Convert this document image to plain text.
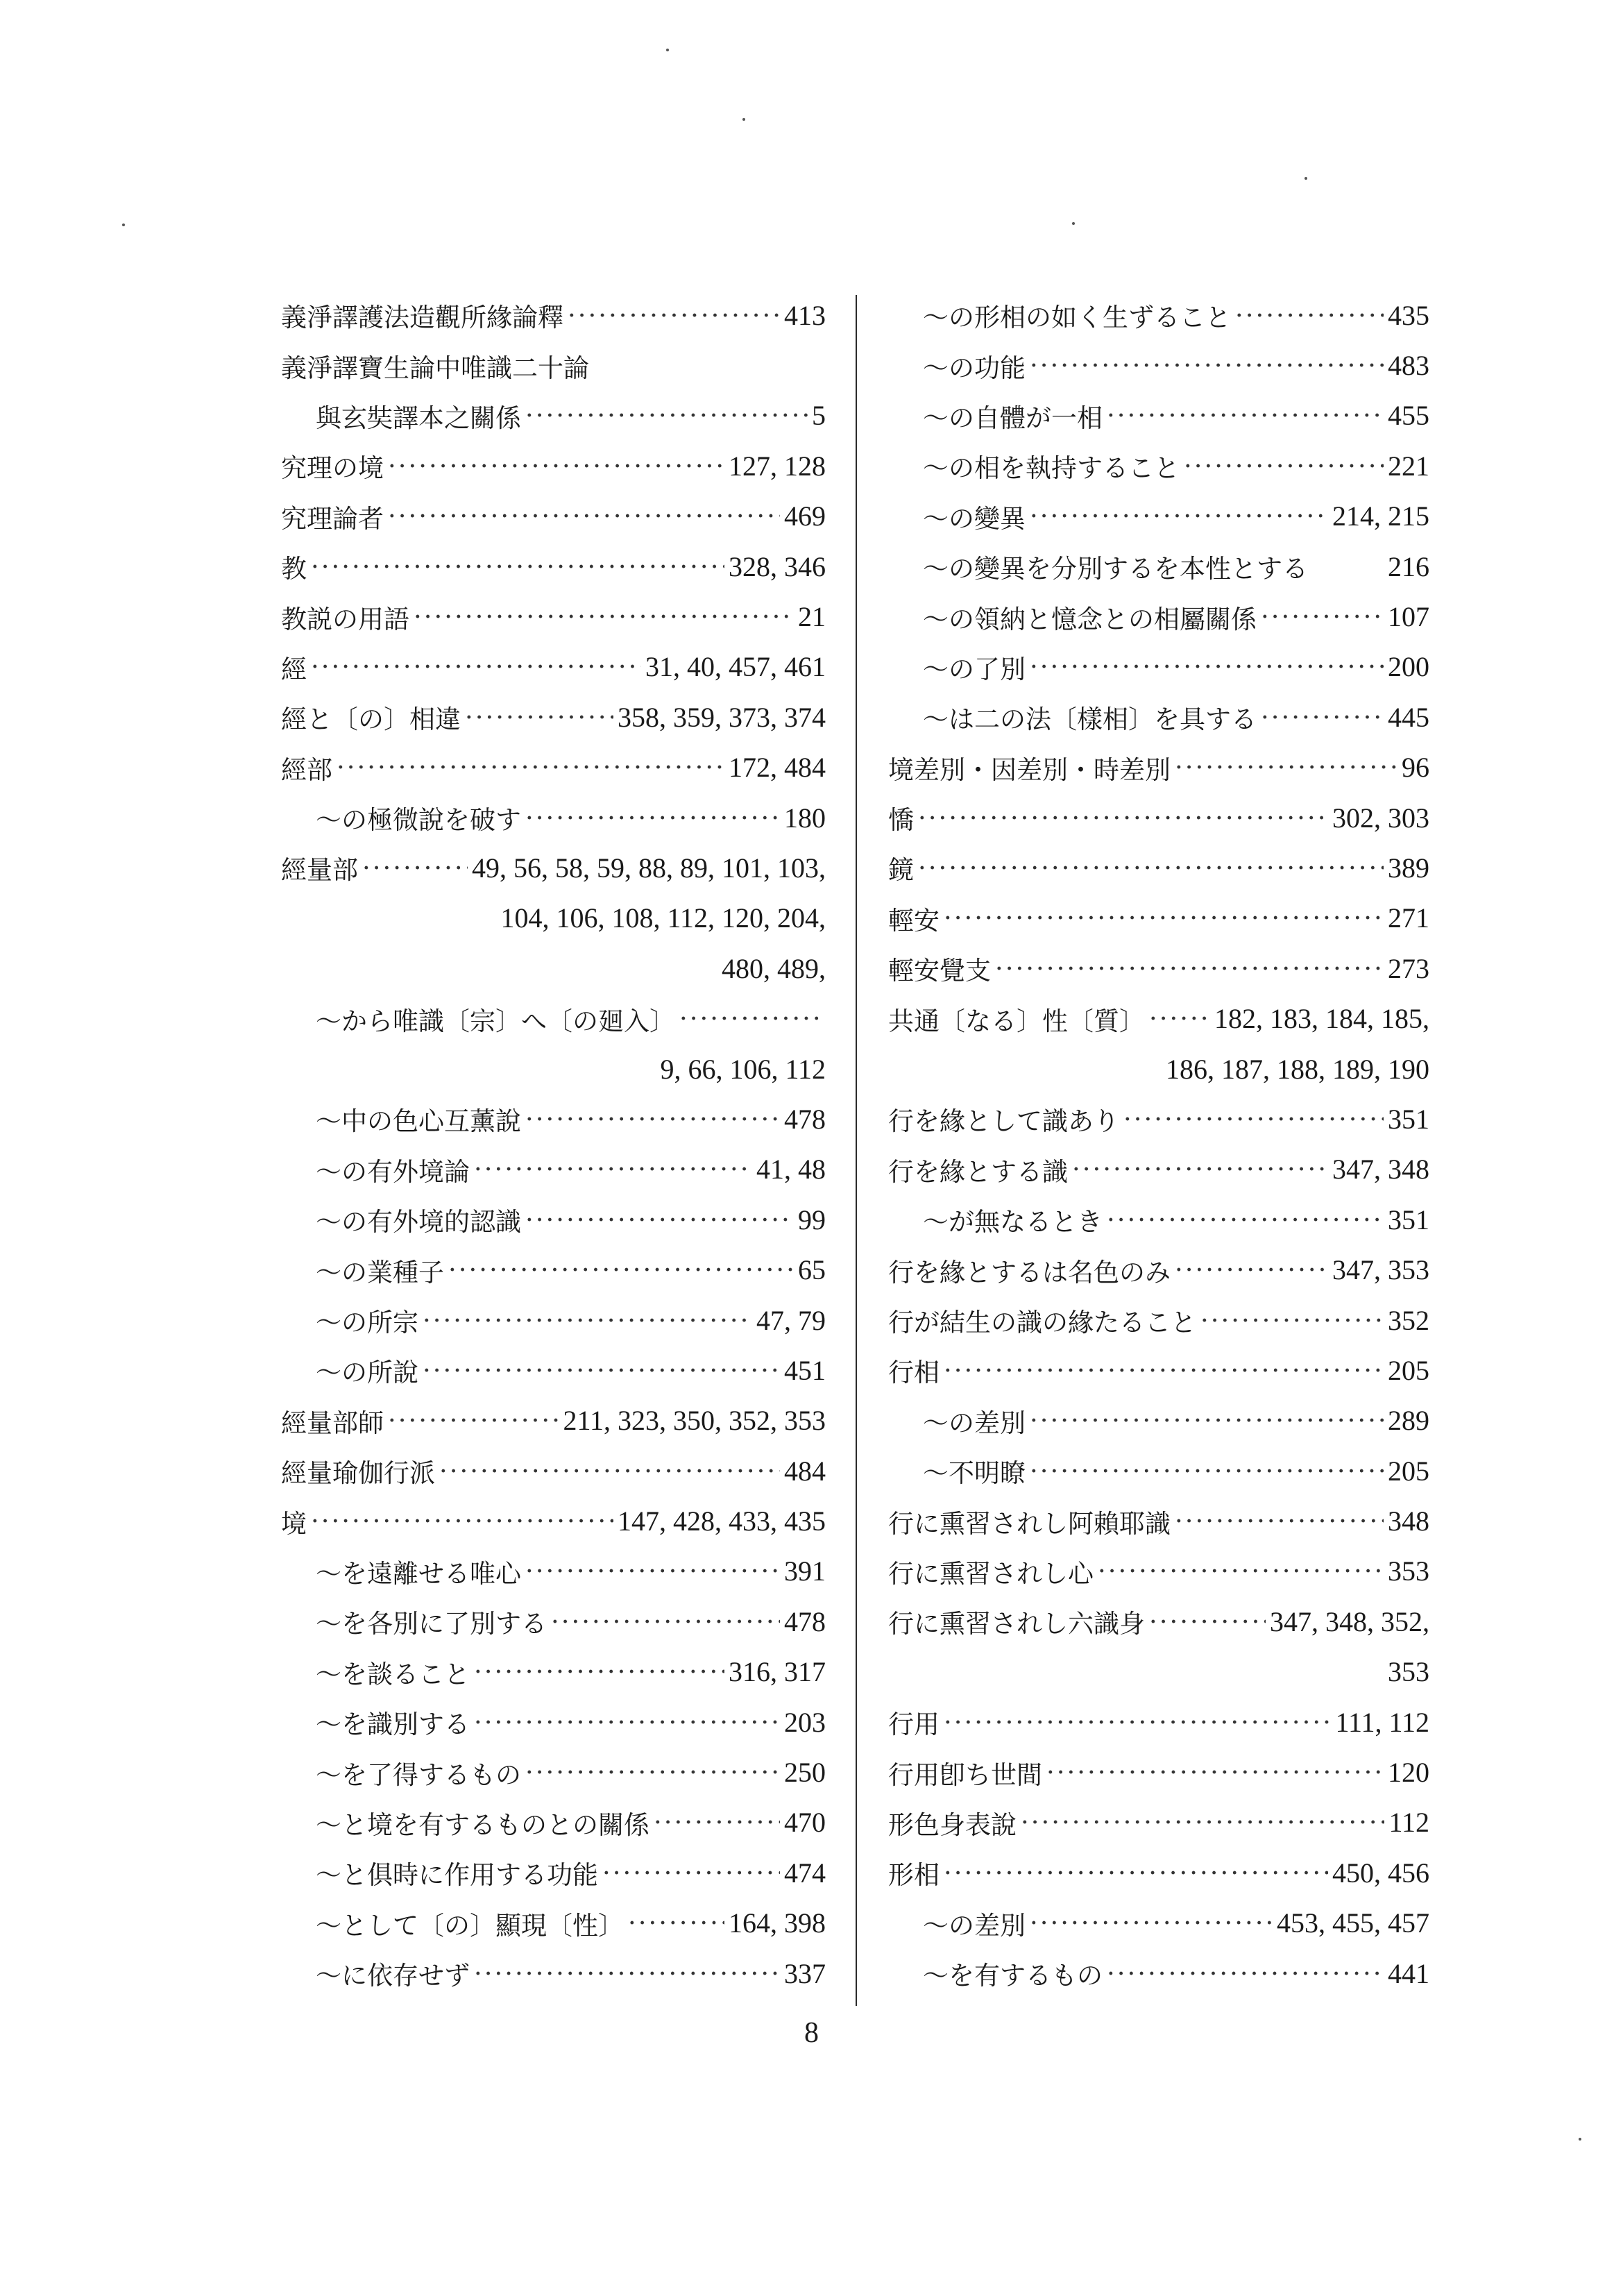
義淨譯護法造觀所緣論釋 ·····	413
義淨譯寶生論中唯識二十論
與玄奘譯本之關係 ·····	5
究理の境 ·····	127, 128
究理論者 ·····	469
教 ·····	328, 346
教説の用語 ·····	21
經 ·····	31, 40, 457, 461
經と〔の〕相違 ·····	358, 359, 373, 374
經部 ·····	172, 484
〜の極微說を破す ·····	180
經量部 ·····	49, 56, 58, 59, 88, 89, 101, 103,
104, 106, 108, 112, 120, 204,
480, 489,
〜から唯識〔宗〕へ〔の廻入〕
·····
9, 66, 106, 112
〜中の色心互薰說 ·····	478
〜の有外境論 ·····	41, 48
〜の有外境的認識 ·····	99
〜の業種子 ·····	65
〜の所宗 ·····	47, 79
〜の所說 ·····	451
經量部師 ·····	211, 323, 350, 352, 353
經量瑜伽行派 ·····	484
境 ·····	147, 428, 433, 435
〜を遠離せる唯心 ·····	391
〜を各別に了別する ·····	478
〜を談ること ·····	316, 317
〜を識別する ·····	203
〜を了得するもの ·····	250
〜と境を有するものとの關係 ·····	470
〜と俱時に作用する功能 ·····	474
〜として〔の〕顯現〔性〕 ·····	164, 398
〜に依存せず ·····	337
〜の形相の如く生ずること ·····	435
〜の功能 ·····	483
〜の自體が一相 ·····	455
〜の相を執持すること ·····	221
〜の變異 ·····	214, 215
〜の變異を分別するを本性とする	216
〜の領納と憶念との相屬關係 ·····	107
〜の了別 ·····	200
〜は二の法〔樣相〕を具する ·····	445
境差別・因差別・時差別 ·····	96
憍 ·····	302, 303
鏡 ·····	389
輕安 ·····	271
輕安覺支 ·····	273
共通〔なる〕性〔質〕 ·····	182, 183, 184, 185,
186, 187, 188, 189, 190
行を緣として識あり ·····	351
行を緣とする識 ·····	347, 348
〜が無なるとき ·····	351
行を緣とするは名色のみ ·····	347, 353
行が結生の識の緣たること ·····	352
行相 ·····	205
〜の差別 ·····	289
〜不明瞭 ·····	205
行に熏習されし阿賴耶識 ·····	348
行に熏習されし心 ·····	353
行に熏習されし六識身 ·····	347, 348, 352,
353
行用 ·····	111, 112
行用卽ち世間 ·····	120
形色身表說 ·····	112
形相 ·····	450, 456
〜の差別 ·····	453, 455, 457
〜を有するもの ·····	441
8
